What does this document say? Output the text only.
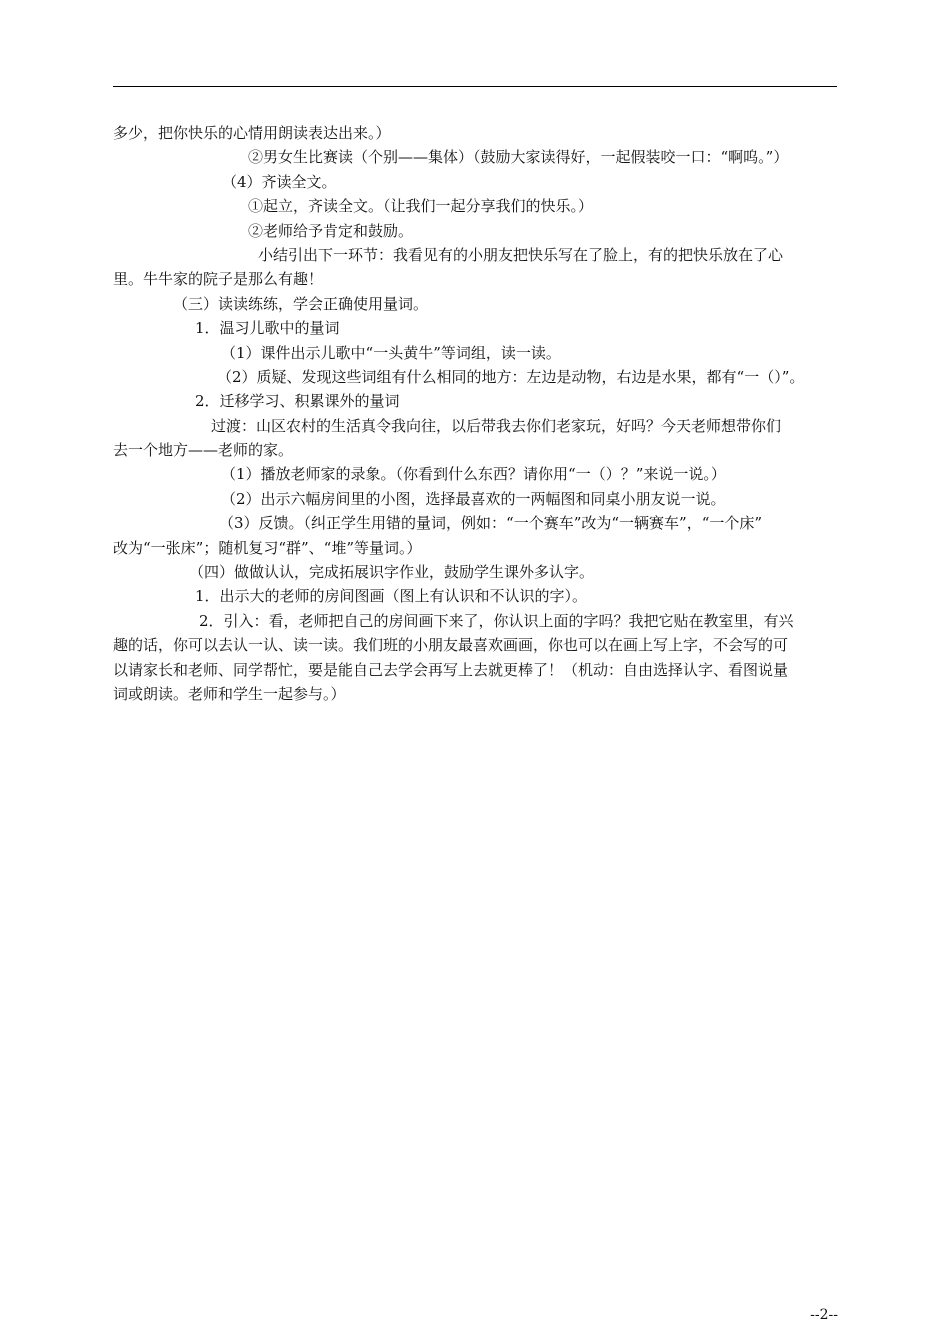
多少，把你快乐的心情用朗读表达出来。）
②男女生比赛读（个别——集体）（鼓励大家读得好，一起假装咬一口：“啊呜。”）
（4）齐读全文。
①起立，齐读全文。（让我们一起分享我们的快乐。）
②老师给予肯定和鼓励。
小结引出下一环节：我看见有的小朋友把快乐写在了脸上，有的把快乐放在了心
里。牛牛家的院子是那么有趣！
（三）读读练练，学会正确使用量词。
1．温习儿歌中的量词
（1）课件出示儿歌中“一头黄牛”等词组，读一读。
（2）质疑、发现这些词组有什么相同的地方：左边是动物，右边是水果，都有“一（）”。
2．迁移学习、积累课外的量词
过渡：山区农村的生活真令我向往，以后带我去你们老家玩，好吗？今天老师想带你们
去一个地方——老师的家。
（1）播放老师家的录象。（你看到什么东西？请你用“一（）？”来说一说。）
（2）出示六幅房间里的小图，选择最喜欢的一两幅图和同桌小朋友说一说。
（3）反馈。（纠正学生用错的量词，例如：“一个赛车”改为“一辆赛车”，“一个床”
改为“一张床”；随机复习“群”、“堆”等量词。）
（四）做做认认，完成拓展识字作业，鼓励学生课外多认字。
1．出示大的老师的房间图画（图上有认识和不认识的字）。
2．引入：看，老师把自己的房间画下来了，你认识上面的字吗？我把它贴在教室里，有兴
趣的话，你可以去认一认、读一读。我们班的小朋友最喜欢画画，你也可以在画上写上字，不会写的可
以请家长和老师、同学帮忙，要是能自己去学会再写上去就更棒了！（机动：自由选择认字、看图说量
词或朗读。老师和学生一起参与。）
--2--
